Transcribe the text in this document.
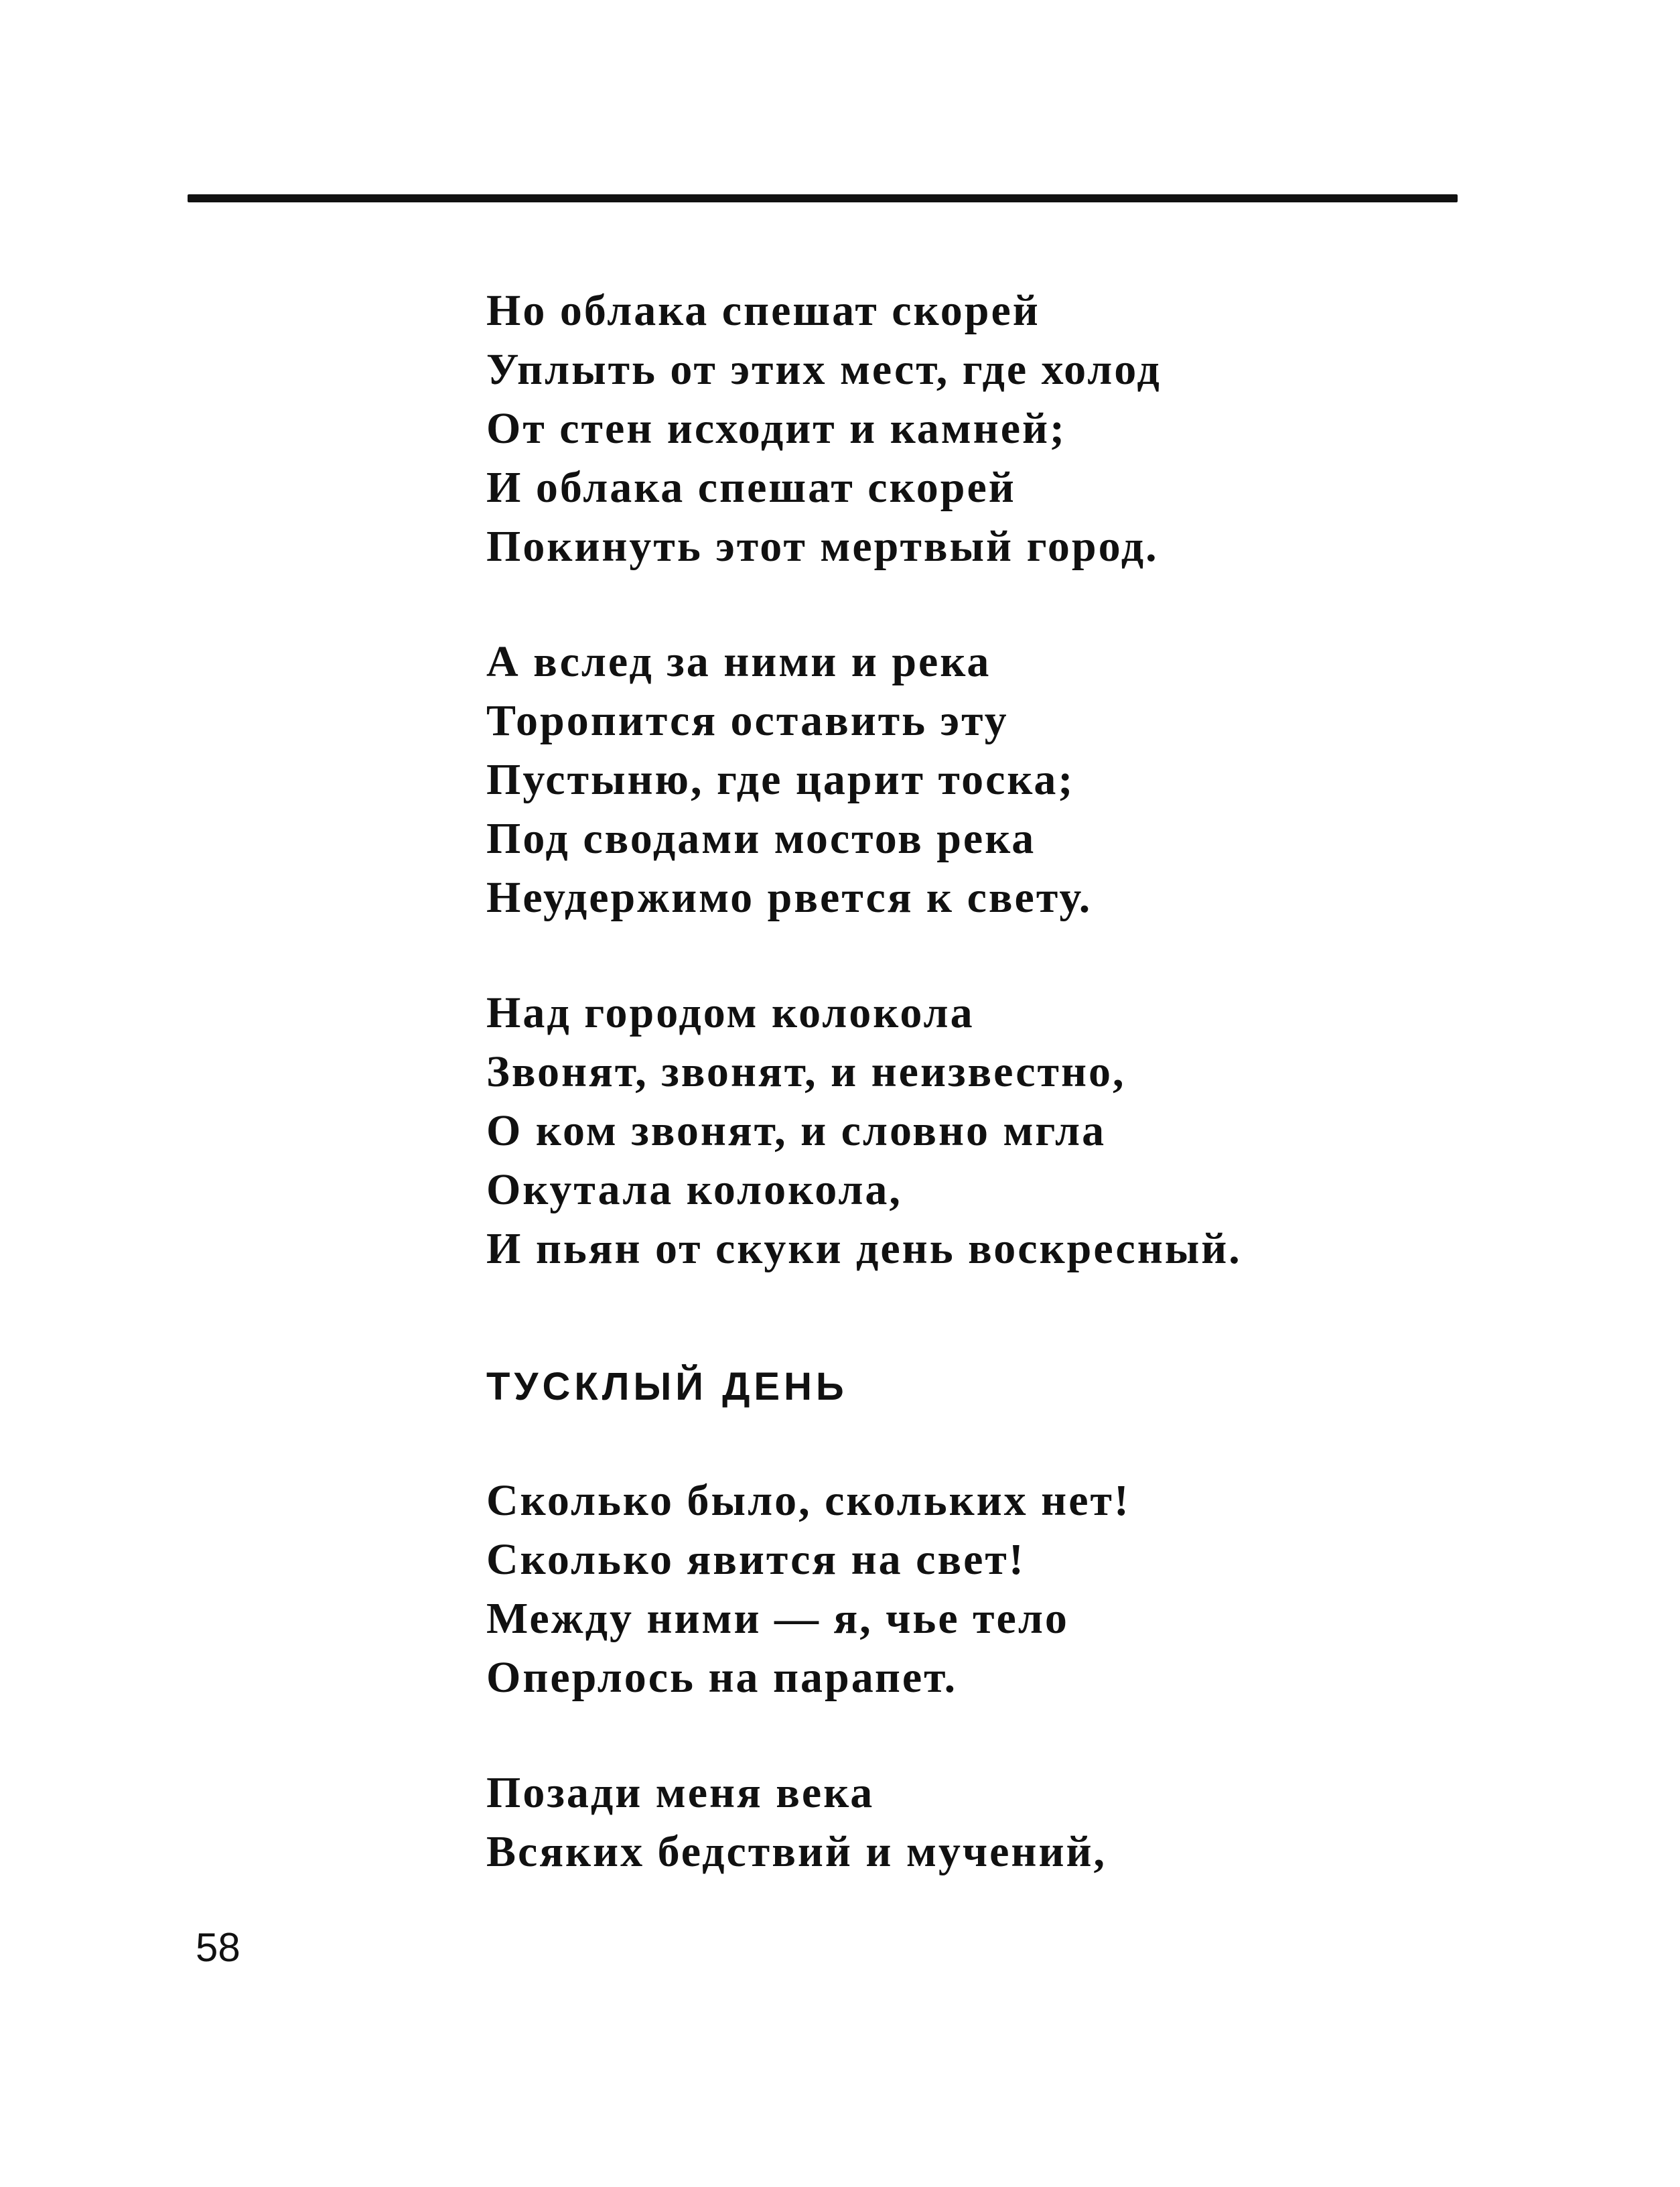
Но облака спешат скорей
Уплыть от этих мест, где холод
От стен исходит и камней;
И облака спешат скорей
Покинуть этот мертвый город.
А вслед за ними и река
Торопится оставить эту
Пустыню, где царит тоска;
Под сводами мостов река
Неудержимо рвется к свету.
Над городом колокола
Звонят, звонят, и неизвестно,
О ком звонят, и словно мгла
Окутала колокола,
И пьян от скуки день воскресный.
ТУСКЛЫЙ ДЕНЬ
Сколько было, скольких нет!
Сколько явится на свет!
Между ними — я, чье тело
Оперлось на парапет.
Позади меня века
Всяких бедствий и мучений,
58
